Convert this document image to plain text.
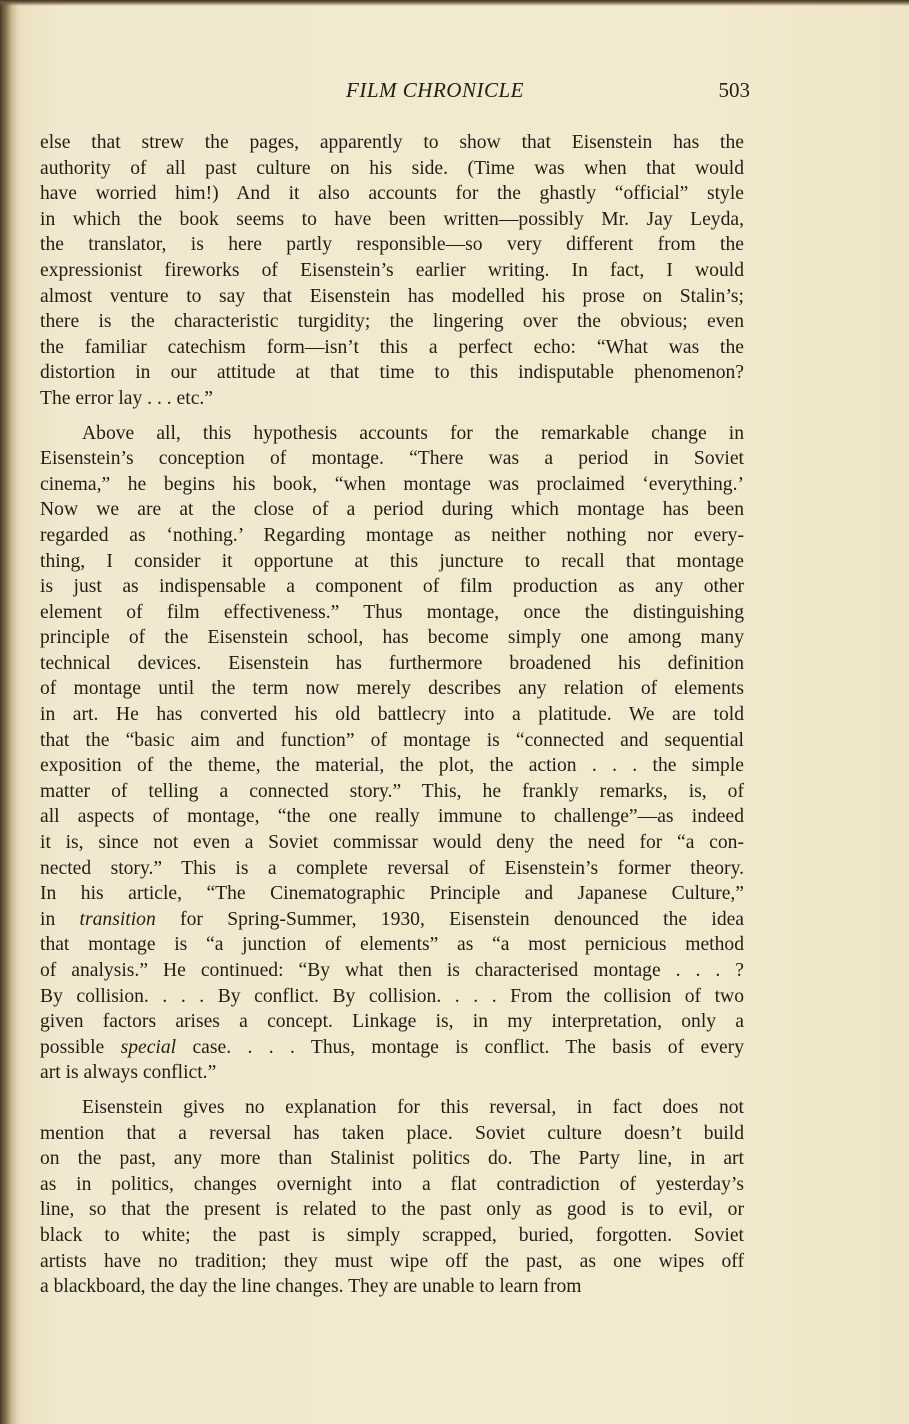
FILM CHRONICLE	503
else that strew the pages, apparently to show that Eisenstein has the
authority of all past culture on his side. (Time was when that would
have worried him!) And it also accounts for the ghastly “official” style
in which the book seems to have been written—possibly Mr. Jay Leyda,
the translator, is here partly responsible—so very different from the
expressionist fireworks of Eisenstein’s earlier writing. In fact, I would
almost venture to say that Eisenstein has modelled his prose on Stalin’s;
there is the characteristic turgidity; the lingering over the obvious; even
the familiar catechism form—isn’t this a perfect echo: “What was the
distortion in our attitude at that time to this indisputable phenomenon?
The error lay . . . etc.”
Above all, this hypothesis accounts for the remarkable change in
Eisenstein’s conception of montage. “There was a period in Soviet
cinema,” he begins his book, “when montage was proclaimed ‘everything.’
Now we are at the close of a period during which montage has been
regarded as ‘nothing.’ Regarding montage as neither nothing nor every-
thing, I consider it opportune at this juncture to recall that montage
is just as indispensable a component of film production as any other
element of film effectiveness.” Thus montage, once the distinguishing
principle of the Eisenstein school, has become simply one among many
technical devices. Eisenstein has furthermore broadened his definition
of montage until the term now merely describes any relation of elements
in art. He has converted his old battlecry into a platitude. We are told
that the “basic aim and function” of montage is “connected and sequential
exposition of the theme, the material, the plot, the action . . . the simple
matter of telling a connected story.” This, he frankly remarks, is, of
all aspects of montage, “the one really immune to challenge”—as indeed
it is, since not even a Soviet commissar would deny the need for “a con-
nected story.” This is a complete reversal of Eisenstein’s former theory.
In his article, “The Cinematographic Principle and Japanese Culture,”
in transition for Spring-Summer, 1930, Eisenstein denounced the idea
that montage is “a junction of elements” as “a most pernicious method
of analysis.” He continued: “By what then is characterised montage . . . ?
By collision. . . . By conflict. By collision. . . . From the collision of two
given factors arises a concept. Linkage is, in my interpretation, only a
possible special case. . . . Thus, montage is conflict. The basis of every
art is always conflict.”
Eisenstein gives no explanation for this reversal, in fact does not
mention that a reversal has taken place. Soviet culture doesn’t build
on the past, any more than Stalinist politics do. The Party line, in art
as in politics, changes overnight into a flat contradiction of yesterday’s
line, so that the present is related to the past only as good is to evil, or
black to white; the past is simply scrapped, buried, forgotten. Soviet
artists have no tradition; they must wipe off the past, as one wipes off
a blackboard, the day the line changes. They are unable to learn from
